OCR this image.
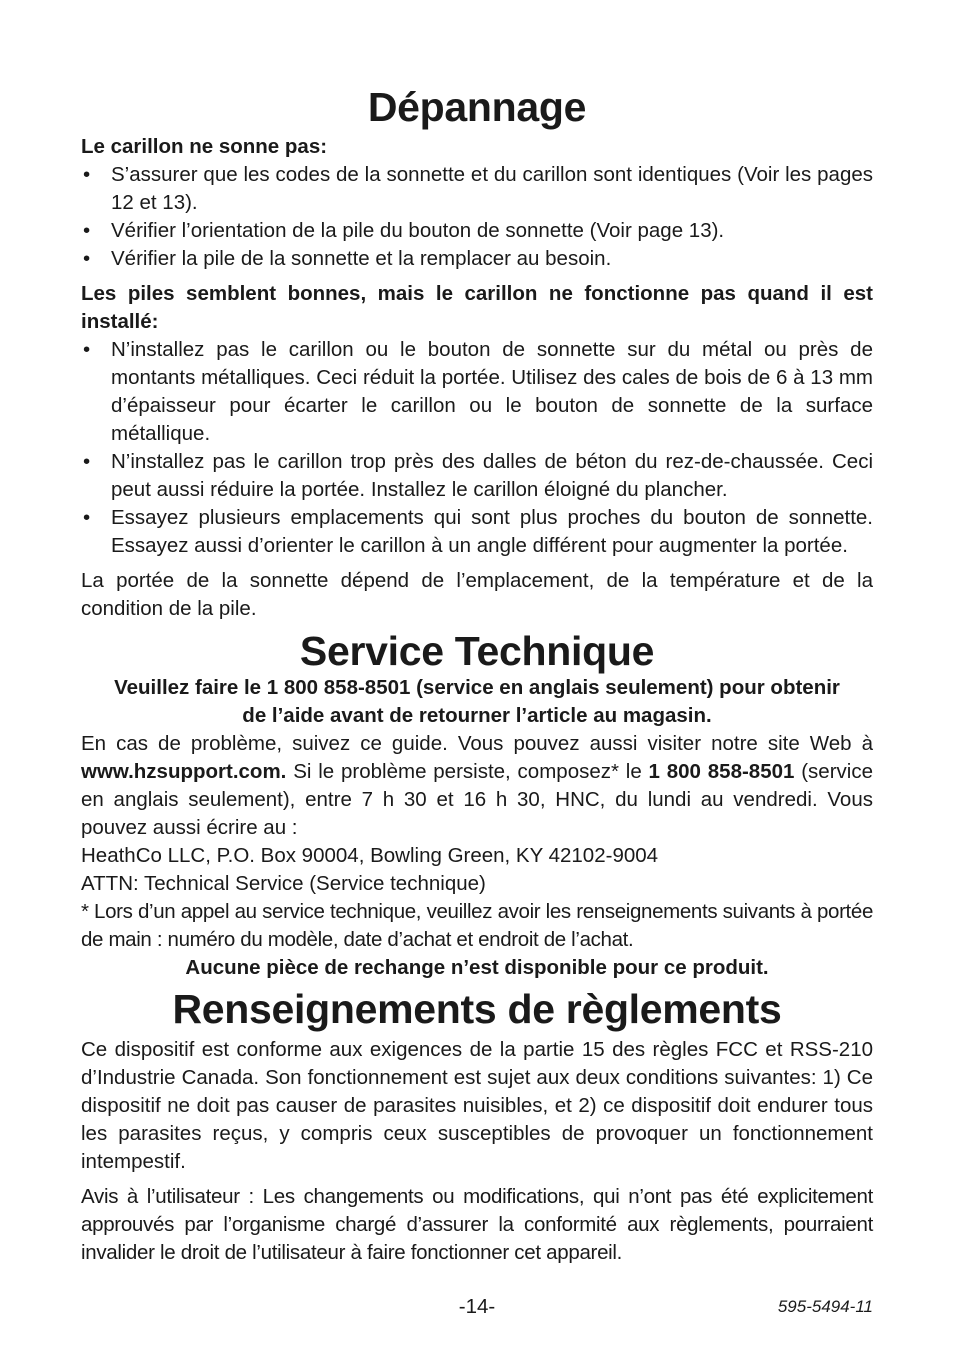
Dépannage

Le carillon ne sonne pas:

• S’assurer que les codes de la sonnette et du carillon sont identiques (Voir les pages 12 et 13).
• Vérifier l’orientation de la pile du bouton de sonnette (Voir page 13).
• Vérifier la pile de la sonnette et la remplacer au besoin.

Les piles semblent bonnes, mais le carillon ne fonctionne pas quand il est installé:

• N’installez pas le carillon ou le bouton de sonnette sur du métal ou près de montants métalliques. Ceci réduit la portée. Utilisez des cales de bois de 6 à 13 mm d’épaisseur pour écarter le carillon ou le bouton de sonnette de la surface métallique.
• N’installez pas le carillon trop près des dalles de béton du rez-de-chaussée. Ceci peut aussi réduire la portée. Installez le carillon éloigné du plancher.
• Essayez plusieurs emplacements qui sont plus proches du bouton de sonnette. Essayez aussi d’orienter le carillon à un angle différent pour augmenter la portée.

La portée de la sonnette dépend de l’emplacement, de la température et de la condition de la pile.

Service Technique

Veuillez faire le 1 800 858-8501 (service en anglais seulement) pour obtenir de l’aide avant de retourner l’article au magasin.

En cas de problème, suivez ce guide. Vous pouvez aussi visiter notre site Web à www.hzsupport.com. Si le problème persiste, composez* le 1 800 858-8501 (service en anglais seulement), entre 7 h 30 et 16 h 30, HNC, du lundi au vendredi. Vous pouvez aussi écrire au :

HeathCo LLC, P.O. Box 90004, Bowling Green, KY 42102-9004

ATTN: Technical Service (Service technique)

* Lors d’un appel au service technique, veuillez avoir les renseignements suivants à portée de main : numéro du modèle, date d’achat et endroit de l’achat.

Aucune pièce de rechange n’est disponible pour ce produit.

Renseignements de règlements

Ce dispositif est conforme aux exigences de la partie 15 des règles FCC et RSS-210 d’Industrie Canada. Son fonctionnement est sujet aux deux conditions suivantes: 1) Ce dispositif ne doit pas causer de parasites nuisibles, et 2) ce dispositif doit endurer tous les parasites reçus, y compris ceux susceptibles de provoquer un fonctionnement intempestif.

Avis à l’utilisateur : Les changements ou modifications, qui n’ont pas été explicitement approuvés par l’organisme chargé d’assurer la conformité aux règlements, pourraient invalider le droit de l’utilisateur à faire fonctionner cet appareil.

-14-	595-5494-11
